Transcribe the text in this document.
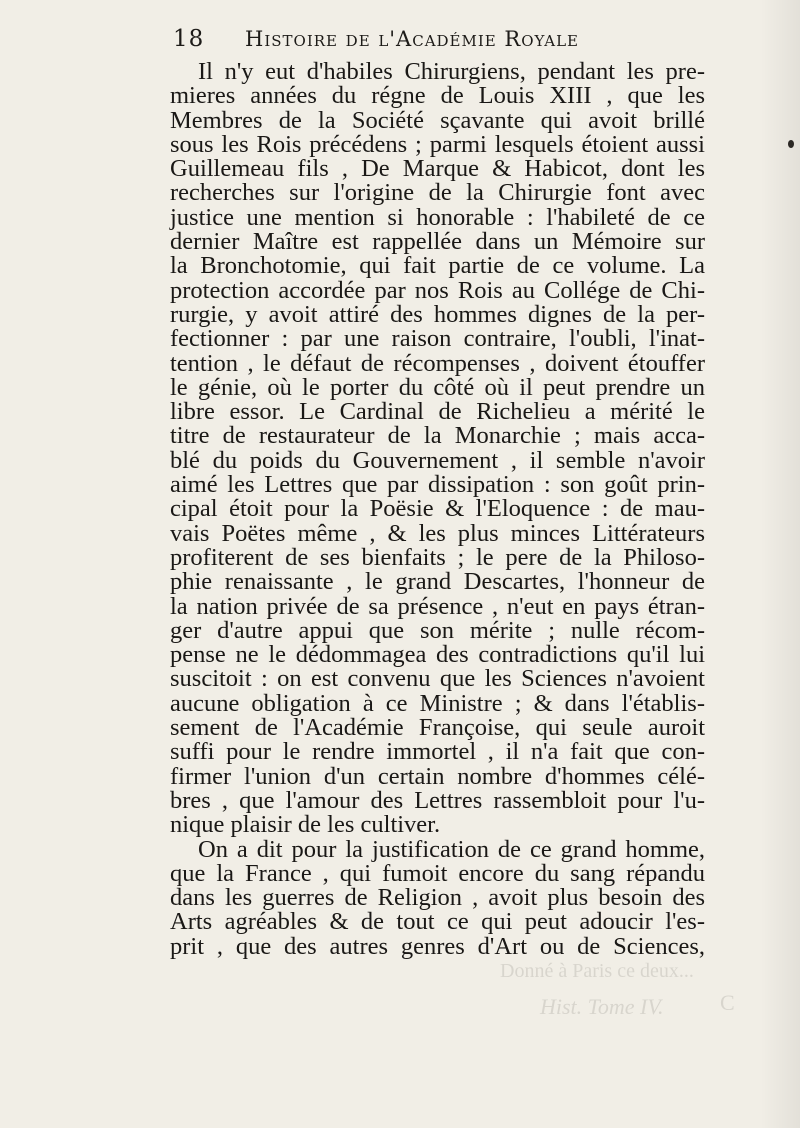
18 Histoire de l'Académie Royale
Il n'y eut d'habiles Chirurgiens, pendant les pre-
mieres années du régne de Louis XIII , que les
Membres de la Société sçavante qui avoit brillé
sous les Rois précédens ; parmi lesquels étoient aussi
Guillemeau fils , De Marque & Habicot, dont les
recherches sur l'origine de la Chirurgie font avec
justice une mention si honorable : l'habileté de ce
dernier Maître est rappellée dans un Mémoire sur
la Bronchotomie, qui fait partie de ce volume. La
protection accordée par nos Rois au Collége de Chi-
rurgie, y avoit attiré des hommes dignes de la per-
fectionner : par une raison contraire, l'oubli, l'inat-
tention , le défaut de récompenses , doivent étouffer
le génie, où le porter du côté où il peut prendre un
libre essor. Le Cardinal de Richelieu a mérité le
titre de restaurateur de la Monarchie ; mais acca-
blé du poids du Gouvernement , il semble n'avoir
aimé les Lettres que par dissipation : son goût prin-
cipal étoit pour la Poësie & l'Eloquence : de mau-
vais Poëtes même , & les plus minces Littérateurs
profiterent de ses bienfaits ; le pere de la Philoso-
phie renaissante , le grand Descartes, l'honneur de
la nation privée de sa présence , n'eut en pays étran-
ger d'autre appui que son mérite ; nulle récom-
pense ne le dédommagea des contradictions qu'il lui
suscitoit : on est convenu que les Sciences n'avoient
aucune obligation à ce Ministre ; & dans l'établis-
sement de l'Académie Françoise, qui seule auroit
suffi pour le rendre immortel , il n'a fait que con-
firmer l'union d'un certain nombre d'hommes célé-
bres , que l'amour des Lettres rassembloit pour l'u-
nique plaisir de les cultiver.
On a dit pour la justification de ce grand homme,
que la France , qui fumoit encore du sang répandu
dans les guerres de Religion , avoit plus besoin des
Arts agréables & de tout ce qui peut adoucir l'es-
prit , que des autres genres d'Art ou de Sciences,
Donné à Paris ce deux...
Hist. Tome IV.	C
